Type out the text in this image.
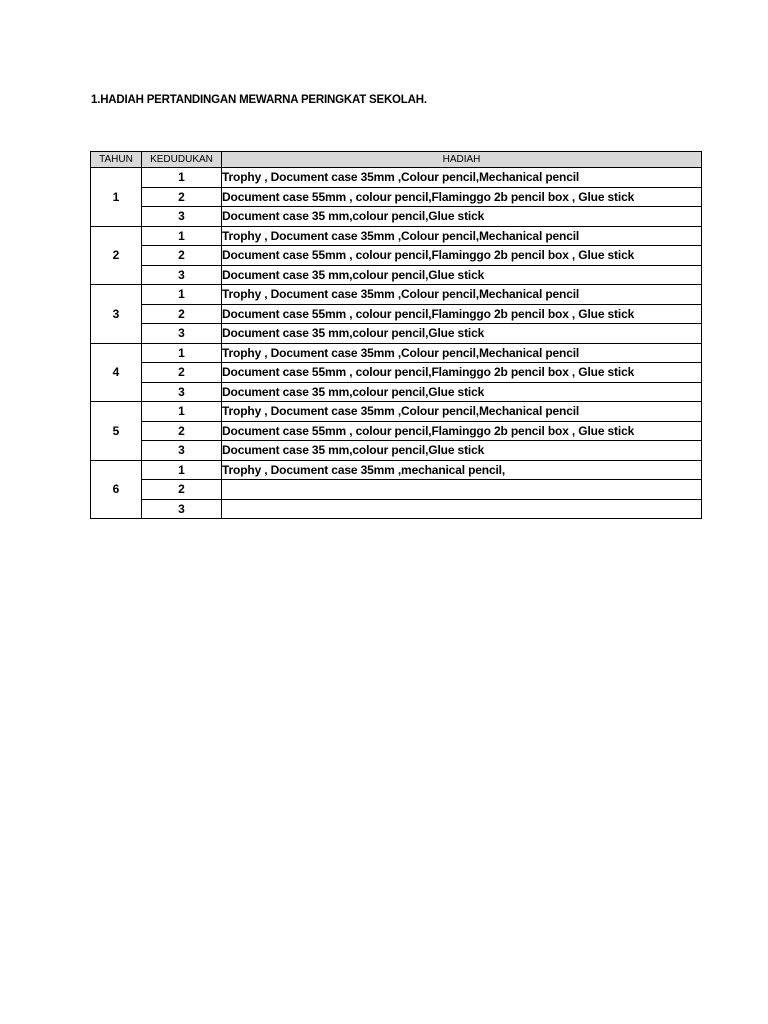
1.HADIAH PERTANDINGAN MEWARNA PERINGKAT SEKOLAH.
TAHUN	KEDUDUKAN	HADIAH
1	1	Trophy , Document case 35mm ,Colour pencil,Mechanical pencil
	2	Document case 55mm , colour pencil,Flaminggo 2b pencil box , Glue stick
	3	Document case 35 mm,colour pencil,Glue stick
2	1	Trophy , Document case 35mm ,Colour pencil,Mechanical pencil
	2	Document case 55mm , colour pencil,Flaminggo 2b pencil box , Glue stick
	3	Document case 35 mm,colour pencil,Glue stick
3	1	Trophy , Document case 35mm ,Colour pencil,Mechanical pencil
	2	Document case 55mm , colour pencil,Flaminggo 2b pencil box , Glue stick
	3	Document case 35 mm,colour pencil,Glue stick
4	1	Trophy , Document case 35mm ,Colour pencil,Mechanical pencil
	2	Document case 55mm , colour pencil,Flaminggo 2b pencil box , Glue stick
	3	Document case 35 mm,colour pencil,Glue stick
5	1	Trophy , Document case 35mm ,Colour pencil,Mechanical pencil
	2	Document case 55mm , colour pencil,Flaminggo 2b pencil box , Glue stick
	3	Document case 35 mm,colour pencil,Glue stick
6	1	Trophy , Document case 35mm ,mechanical pencil,
	2	
	3	
